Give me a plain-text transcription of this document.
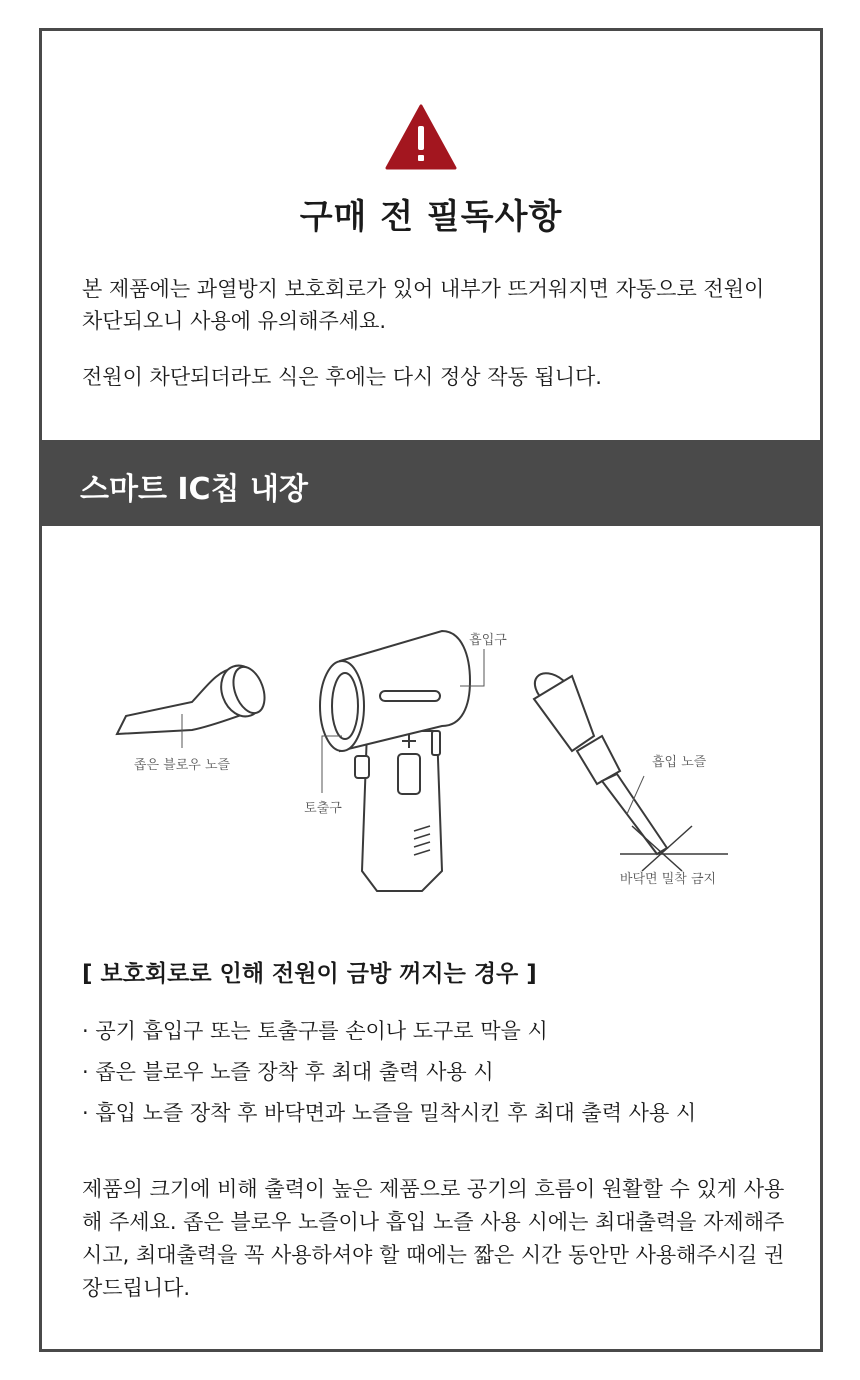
구매 전 필독사항
본 제품에는 과열방지 보호회로가 있어 내부가 뜨거워지면 자동으로 전원이 차단되오니 사용에 유의해주세요.
전원이 차단되더라도 식은 후에는 다시 정상 작동 됩니다.
스마트 IC칩 내장
좁은 블로우 노즐
흡입구
토출구
흡입 노즐
바닥면 밀착 금지
[ 보호회로로 인해 전원이 금방 꺼지는 경우 ]
· 공기 흡입구 또는 토출구를 손이나 도구로 막을 시
· 좁은 블로우 노즐 장착 후 최대 출력 사용 시
· 흡입 노즐 장착 후 바닥면과 노즐을 밀착시킨 후 최대 출력 사용 시
제품의 크기에 비해 출력이 높은 제품으로 공기의 흐름이 원활할 수 있게 사용해 주세요. 좁은 블로우 노즐이나 흡입 노즐 사용 시에는 최대출력을 자제해주시고, 최대출력을 꼭 사용하셔야 할 때에는 짧은 시간 동안만 사용해주시길 권장드립니다.
